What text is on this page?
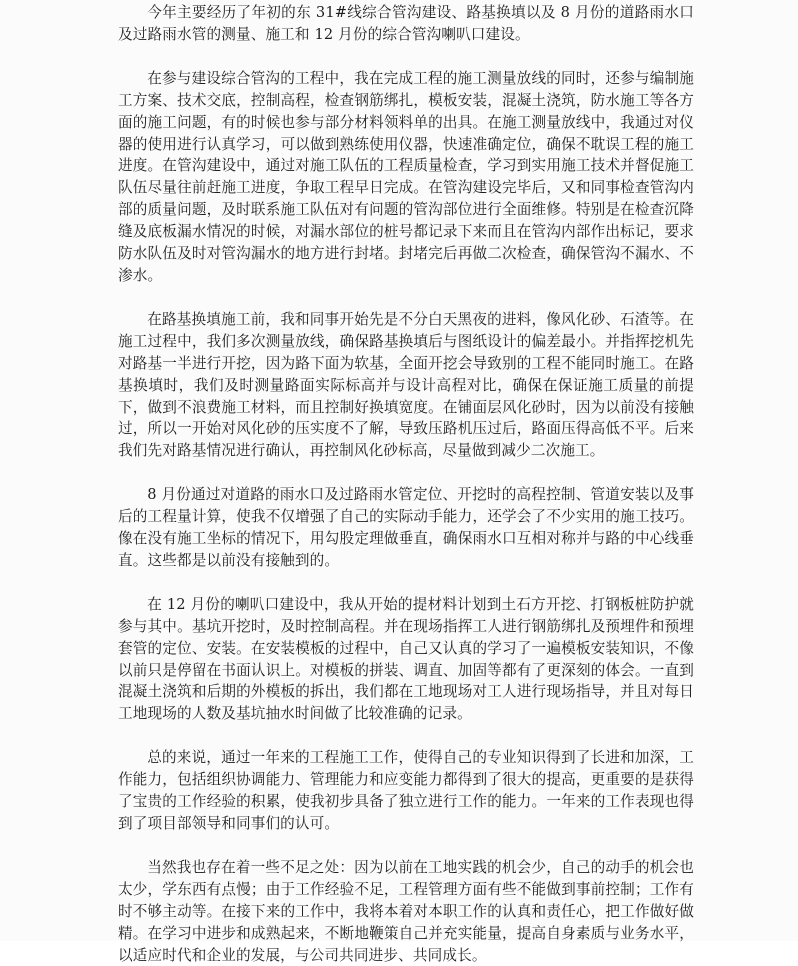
今年主要经历了年初的东 31#线综合管沟建设、路基换填以及 8 月份的道路雨水口及过路雨水管的测量、施工和 12 月份的综合管沟喇叭口建设。

在参与建设综合管沟的工程中，我在完成工程的施工测量放线的同时，还参与编制施工方案、技术交底，控制高程，检查钢筋绑扎，模板安装，混凝土浇筑，防水施工等各方面的施工问题，有的时候也参与部分材料领料单的出具。在施工测量放线中，我通过对仪器的使用进行认真学习，可以做到熟练使用仪器，快速准确定位，确保不耽误工程的施工进度。在管沟建设中，通过对施工队伍的工程质量检查，学习到实用施工技术并督促施工队伍尽量往前赶施工进度，争取工程早日完成。在管沟建设完毕后，又和同事检查管沟内部的质量问题，及时联系施工队伍对有问题的管沟部位进行全面维修。特别是在检查沉降缝及底板漏水情况的时候，对漏水部位的桩号都记录下来而且在管沟内部作出标记，要求防水队伍及时对管沟漏水的地方进行封堵。封堵完后再做二次检查，确保管沟不漏水、不渗水。

在路基换填施工前，我和同事开始先是不分白天黑夜的进料，像风化砂、石渣等。在施工过程中，我们多次测量放线，确保路基换填后与图纸设计的偏差最小。并指挥挖机先对路基一半进行开挖，因为路下面为软基，全面开挖会导致别的工程不能同时施工。在路基换填时，我们及时测量路面实际标高并与设计高程对比，确保在保证施工质量的前提下，做到不浪费施工材料，而且控制好换填宽度。在铺面层风化砂时，因为以前没有接触过，所以一开始对风化砂的压实度不了解，导致压路机压过后，路面压得高低不平。后来我们先对路基情况进行确认，再控制风化砂标高，尽量做到减少二次施工。

8 月份通过对道路的雨水口及过路雨水管定位、开挖时的高程控制、管道安装以及事后的工程量计算，使我不仅增强了自己的实际动手能力，还学会了不少实用的施工技巧。像在没有施工坐标的情况下，用勾股定理做垂直，确保雨水口互相对称并与路的中心线垂直。这些都是以前没有接触到的。

在 12 月份的喇叭口建设中，我从开始的提材料计划到土石方开挖、打钢板桩防护就参与其中。基坑开挖时，及时控制高程。并在现场指挥工人进行钢筋绑扎及预埋件和预埋套管的定位、安装。在安装模板的过程中，自己又认真的学习了一遍模板安装知识，不像以前只是停留在书面认识上。对模板的拼装、调直、加固等都有了更深刻的体会。一直到混凝土浇筑和后期的外模板的拆出，我们都在工地现场对工人进行现场指导，并且对每日工地现场的人数及基坑抽水时间做了比较准确的记录。

总的来说，通过一年来的工程施工工作，使得自己的专业知识得到了长进和加深，工作能力，包括组织协调能力、管理能力和应变能力都得到了很大的提高，更重要的是获得了宝贵的工作经验的积累，使我初步具备了独立进行工作的能力。一年来的工作表现也得到了项目部领导和同事们的认可。

当然我也存在着一些不足之处：因为以前在工地实践的机会少，自己的动手的机会也太少，学东西有点慢；由于工作经验不足，工程管理方面有些不能做到事前控制；工作有时不够主动等。在接下来的工作中，我将本着对本职工作的认真和责任心，把工作做好做精。在学习中进步和成熟起来，不断地鞭策自己并充实能量，提高自身素质与业务水平，以适应时代和企业的发展，与公司共同进步、共同成长。
